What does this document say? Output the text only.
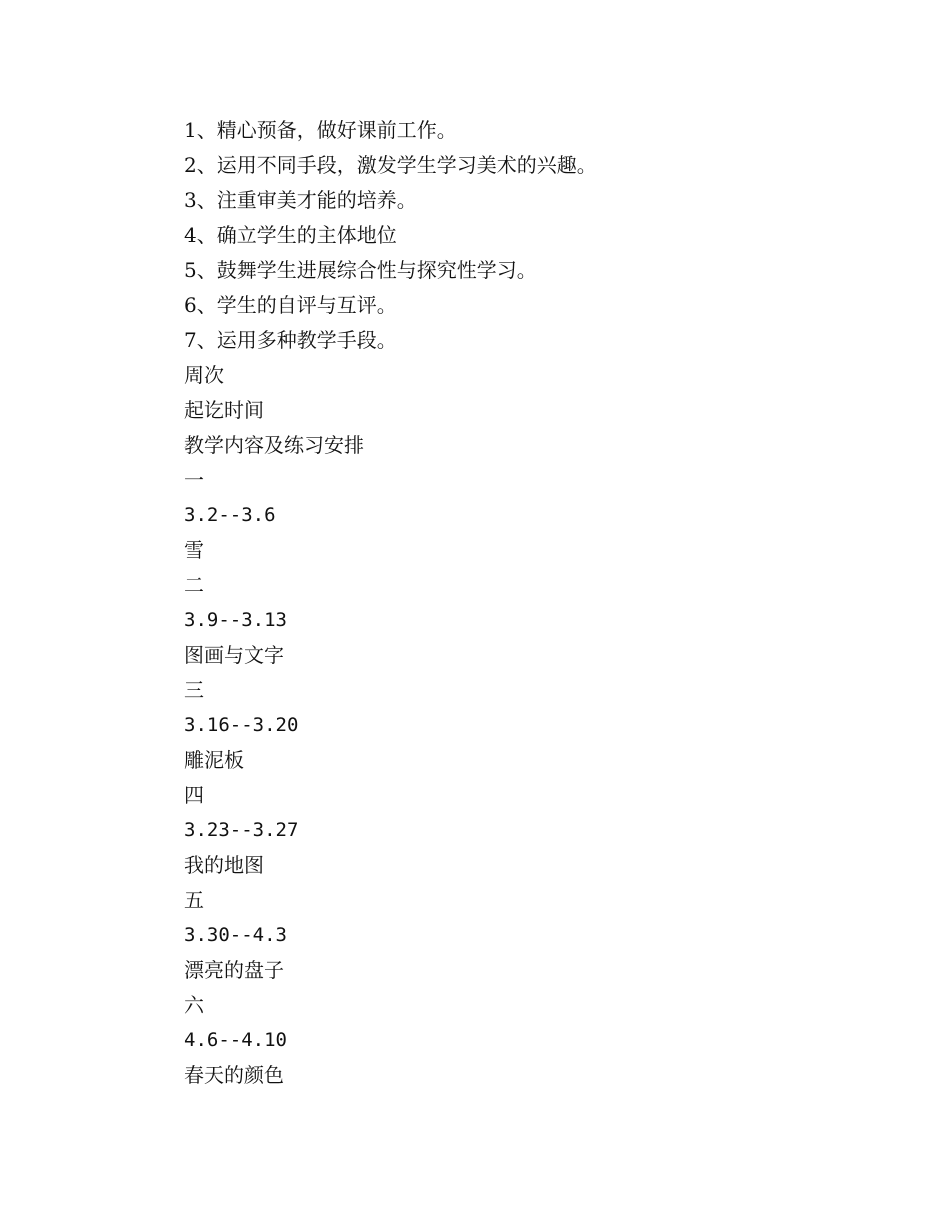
1、精心预备，做好课前工作。
2、运用不同手段，激发学生学习美术的兴趣。
3、注重审美才能的培养。
4、确立学生的主体地位
5、鼓舞学生进展综合性与探究性学习。
6、学生的自评与互评。
7、运用多种教学手段。
周次
起讫时间
教学内容及练习安排
一
3.2--3.6
雪
二
3.9--3.13
图画与文字
三
3.16--3.20
雕泥板
四
3.23--3.27
我的地图
五
3.30--4.3
漂亮的盘子
六
4.6--4.10
春天的颜色
